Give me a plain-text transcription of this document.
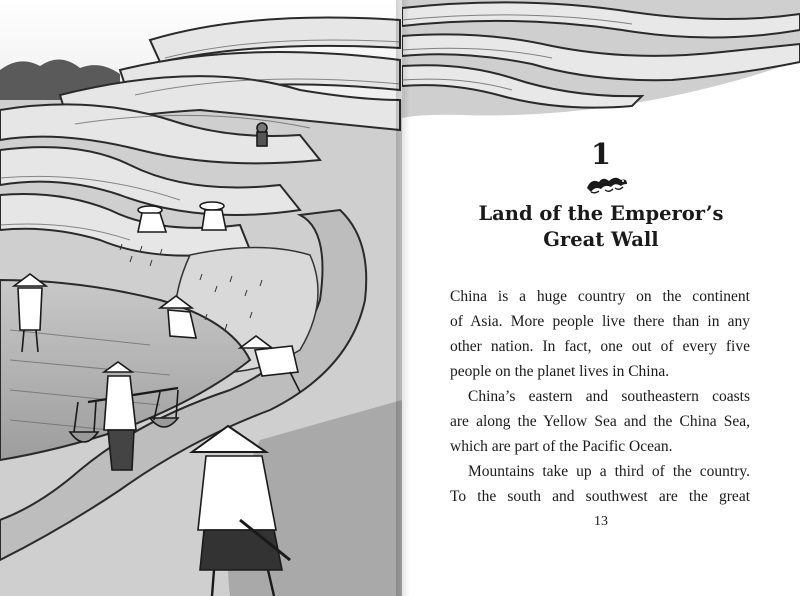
1
Land of the Emperor’s
Great Wall

China is a huge country on the continent
of Asia. More people live there than in any
other nation. In fact, one out of every five
people on the planet lives in China.

China’s eastern and southeastern coasts
are along the Yellow Sea and the China Sea,
which are part of the Pacific Ocean.

Mountains take up a third of the country.
To the south and southwest are the great

13
